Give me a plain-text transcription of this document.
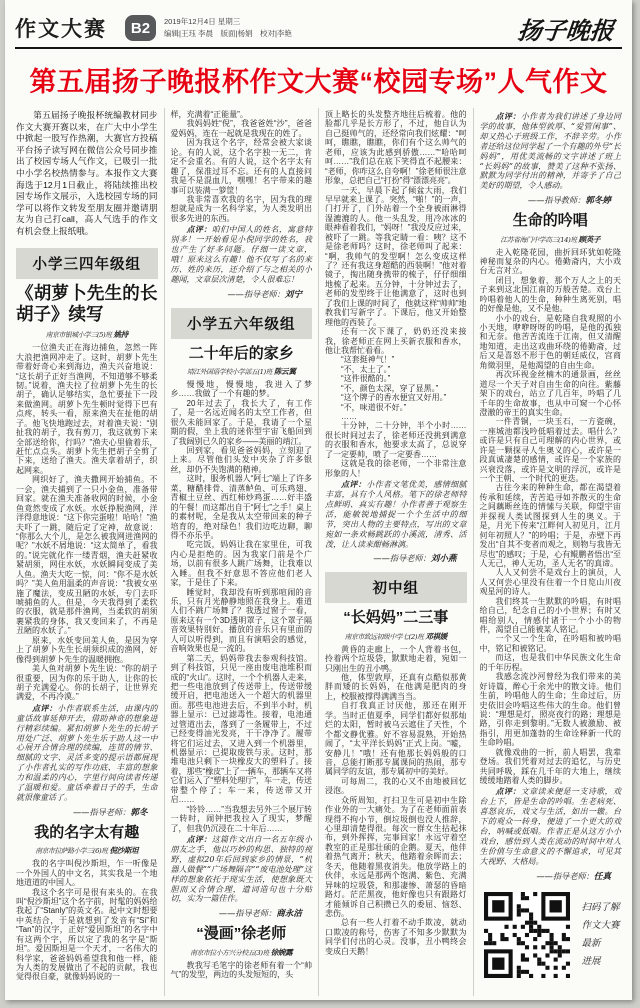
作文大赛	B2	2019年12月4日 星期三
编辑|王珏 李晨　版面|杨娟　校对|李艳	扬子晚报
第五届扬子晚报杯作文大赛“校园专场”人气作文

第五届扬子晚报杯统编教材同步作文大赛开赛以来，在广大中小学生中掀起一股写作热潮，大赛官方投稿平台扬子读写网在微信公众号同步推出了校园专场人气作文，已吸引一批中小学名校热情参与。本报作文大赛海选于12月1日截止，将陆续推出校园专场作文展示，入选校园专场的同学可以将作文转发至朋友圈并邀请朋友为自己打call，高人气选手的作文有机会登上报纸哦。

小学三四年级组
《胡萝卜先生的长胡子》续写
南京市银城小学三(5)班 姚持

一位渔夫正在海边捕鱼，忽然一阵大浪把渔网冲走了。这时，胡萝卜先生带着好奇心来到海边，渔夫兴奋地说：“这长胡子正好当渔网，不知道够不够柔韧。”说着，渔夫拉了拉胡萝卜先生的长胡子，确认足够结实，急忙要扯下一段来做渔网。胡萝卜先生顿时觉得下巴有点疼，转头一看，原来渔夫在扯他的胡子。他飞快地跑过去，对着渔夫说：“别扯我的胡子，我有剪刀，我这就剪下来全部送给你，行吗？”渔夫心里偷着乐，赶忙点点头。胡萝卜先生把胡子全剪了下来，送给了渔夫。渔夫拿着胡子，织起网来。

网织好了，渔夫撒网开始捕鱼。不一会，渔夫捕到了一只小金鱼，准备带回家。就在渔夫准备收网的时候，小金鱼竟然变成了水妖。水妖挣脱渔网，洋洋得意地说：“这下你完蛋啦！哈哈！”渔夫吓了一跳，随后定了定神，故意说：“你那么大个儿，是怎么被我网进渔网的呢？”水妖不屑地说：“这太简单了，看我的。”说完就化作一缕青烟，渔夫赶紧收紧胡须，网住水妖，水妖瞬间变成了美人鱼。渔夫大吃一惊，问：“你不是水妖吗？”美人鱼用温柔的声音说：“我被女巫施了魔法，变成丑陋的水妖，专门去吓唬捕鱼的人。但是，今天我得到了柔软的衣服，就是那件渔网，当柔软的胡须裹紧我的身体，我又变回来了，不再是丑陋的水妖了。”

原来，水妖变回美人鱼，是因为穿上了胡萝卜先生长胡须织成的渔网，好像得到胡萝卜先生的温暖拥抱。

美人鱼对胡萝卜先生说：“你的胡子很重要，因为你的乐于助人，让你的长胡子充满爱心。你的长胡子，让世界充满爱，不再冷漠。”

点评：小作者联系生活，由课内的童话故事延伸开去，借助神奇的想象进行精彩续编。紧扣胡萝卜先生的长胡子用处广泛、胡萝卜先生乐于助人这一中心展开合情合理的续编，连贯的情节、细腻的文字、灵活多变的提示语都展现了小作者扎实的写作功底、丰富的想象力和温柔的内心，字里行间向读者传递了温暖和爱。童话牵着日子的手，生命就很像童话了。

——指导老师：郭冬
我的名字太有趣
南京市拉萨路小学三(6)班 倪沙斯坦

我的名字叫倪沙斯坦，乍一听像是一个外国人的中文名，其实我是一个地地道道的中国人。

我这个名字可是很有来头的。在我叫“倪沙斯坦”这个名字前，时髦的妈妈给我起了“Stanly”的英文名。起中文时想要中英结合，于是就想到了发音有“Si”和“Tan”的汉字，正好“爱因斯坦”的名字中有这两个字，所以定了我的名字是“斯坦”。爱因斯坦是一个天才，一名伟大的科学家，爸爸妈妈希望我和他一样，能为人类的发展做出了不起的贡献，我也觉得很自豪，就像妈妈说的一

样，充满着“正能量”。

我妈妈姓“倪”，我爸爸姓“沙”，爸爸爱妈妈，连在一起就是我现在的姓了。

因为我这个名字，经常会被大家谈论。有的人说，这个名字独一无二，肯定不会重名。有的人说，这个名字太有趣了，保准过耳不忘。还有的人直接问我是不是混血儿，嘿嘿！名字带来的趣事可以装满一箩筐！

我非常喜欢我的名字，因为我的理想就是成为一名科学家，为人类发明出很多先进的东西。

点评：咱们中国人的姓名，寓意特别多！一开始看见小倪同学的姓名，我也产生了好多问题。仔细一读文章，哦！原来这么有趣！他不仅写了名的来历、姓的来历，还介绍了与之相关的小趣闻，文章层次清楚，令人很难忘！

——指导老师：刘宁
小学五六年级组
二十年后的家乡
靖江外国语学校小学部五(1)班 陈云翼

慢慢地，慢慢地，我进入了梦乡……我做了一个有趣的梦。

20年过去了，我长大了，有工作了，是一名远近闻名的太空工作者，但很久未能回家了。于是，我请了一个星期的假，坐上我的迷你型宇宙飞船回到了我阔别已久的家乡——美丽的靖江。

回到家，看见爸爸妈妈，立刻迎了上来。尽管他们头发中夹杂了许多银丝，却仍不失饱满的精神。

这时，服务机器人“阿七”端上了许多菜，糖醋排骨、清蒸鲈鱼、可乐鸡翅、青椒土豆丝、西红柿炒鸡蛋……好丰盛的午餐！而这都出自于“阿七”之手！桌上的素材呢，全是我从太空带回来的种子培育的，绝对绿色！我们边吃边聊，聊得不亦乐乎。

吃完饭，妈妈让我在家里住，可我内心是拒绝的。因为我家门前是个广场，以前有很多人跳广场舞，让我难以入睡。但我不好意思不答应他们老人家，于是住了下来。

睡觉时，我却没有听到那喧闹的音乐，只有月光静静地照在我身上。难道人们不跳广场舞了？我透过窗子一看，原来这有一个3D透明罩子，这个罩子隔音效果特别好。播放的音乐只有里面的人可以听得到，而且有演唱会的感觉，音响效果也是一流的。

第二天，妈妈带我去参观科技馆。到了科技馆，只见一座由废电池堆积而成的“火山”。这时，一个个机器人走来，把一些电池放到了传送带上，传送带缓缓开启，把电池送入一个超大的机器里面。那些电池进去后，不到半小时，机器上显示：已过滤毒性。接着，电池通过管道出去，落到了一条履带上，不过已经变得油光发亮，干干净净了。履带将它们运过去，又进入到一个机器里，机器显示：已提取废铁与汞。这时，那堆电池只剩下一块橡皮大的塑料了。接着，那些“橡皮”上了一辆车，那辆车又将它们运入了“塑料处理厅”，车一走，传送带整个停了；车一来，传送带又开启……

“铃铃……”当我想去另外三个展厅转一转时，闹钟把我拉入了现实，梦醒了，但我仍沉浸在二十年后……

点评：这篇作文出自一名五年级小朋友之手，他以巧妙的构思、独特的视野，虚拟20年后回到家乡的情景，“机器人做餐”“广场舞隔音”“废电池处理”这样的想象依托于现实生活，使想象既大胆而又合情合理，遣词造句也十分贴切，实为一篇佳作。

——指导老师：商永洁
“漫画”徐老师
南京市拉小方兴分校五(3)班 徐婉露

教我写毛笔字的徐老师有着一个“帅气”的发型，两边的头发短短的，头

顶上略长的头发整齐地往后梳着。他的脸都几乎是长方形了，不过，他自认为自己挺帅气的，还经常向我们炫耀：“呵呵，瞧瞧，瞧瞧，你们有个这么帅气的老师，应该为此感到骄傲……”“哈哈呵呵……”我们总在底下笑得直不起腰来：“老师，你咋这么自夸啊！”徐老师很注意形象，总把自己“打扮”得“漂漂亮亮”。

一天，早晨下起了倾盆大雨，我们早早就来上课了。突然，“啪！”的一声，门打开了，门外站着一个全身被雨淋得湿漉漉的人。他一头乱发，用冷冰冰的眼神看着我们，“妈呀！”我没反应过来，被吓了一跳。等我定睛一看：咦？这不是徐老师吗？这时，徐老师叫了起来：“啊，我帅气的发型啊！怎么变成这样了？还有我这身超酷的西装啊！”他对着镜子，掏出随身携带的梳子，仔仔细细地梳了起来。五分钟，十分钟过去了，老师的发型终于让他满意了，这时也到了我们上课的时间了，他就这样“帅帅”地教我们写新字了。下课后，他又开始整理他的西装了。

还有一次下课了，奶奶还没来接我，徐老师正在网上买新衣服和香水，他让我帮忙看看。

“这套挺神气！”

“不，太土了。”

“这件很酷的。”

“不，颜色太深，穿了显黑。”

“这个牌子的香水便宜又好用。”

“不，味道很不好。”

……

十分钟，二十分钟，半个小时……很长时间过去了，徐老师还没挑到满意的衣服和香水，他要求太高了，总说穿了一定要帅，喷了一定要香……

这就是我的徐老师，一个非常注意形象的人！

点评：小作者文笔优美，感情细腻丰富，具有个人风格。笔下的徐老师特点鲜明、真实有趣！小作者善于观察生活，能敏锐地捕捉一个个生活中的细节，突出人物的主要特点，写出的文章宛如一条欢畅跳跃的小溪流，清秀、活泼，让人读来酣畅淋漓。

——指导老师：刘小燕
初中组
“长妈妈”二三事
南京市致远初级中学七(2)班 邓祺媛

黄昏的走廊上，一个人背着书包，拎着两个垃圾袋，默默地走着，宛如一只刚出生的丑小鸭。

他，体型敦厚，还真有点酷似那黄胖而矮的长妈妈，在他满是肥肉的身上，校服被撑得满满当当。

自打我真正讨厌他，那还在刚开学。当时正值夏季，同学们都好似那灿烂的太阳，暂时被乌云遮住了天性，个个都文静优雅。好不容易混熟，开始热闹了，“太平洋长妈妈”正式上岗。“嘘，安静儿！”哦！还有他那长妈妈般的口音，总能打断那专属课间的热闹，那专属同学的友谊，那专属初中的美好。

可每周二，我的心又不由地被回忆浸泡。

众所周知，打扫卫生可是初中生除作业外的一大痛处。为了在老师面前表现得不拘小节，倒垃圾倒也没人推辞，心里却清楚得很。每次一群女生拈起抹布，到外挥挥，完事回家！永远守着空教室的正是那壮硕的企鹅。夏天，他伴着热气离开；秋天，他踏着余晖而去；冬天，他随着黑夜消失。他放学路上的伙伴，永远是那两个饱满、紫色、充满异味的垃圾袋，和那凄惨、萧瑟的昏暗路灯。茫茫黑夜，他好像也只有跟路灯才能倾诉自己积攒已久的委屈、恼怒、悲伤。

总有一些人打着不动手欺凌，就动口欺凌的称号，伤害了不知多少默默为同学们付出的心灵。没事，丑小鸭终会变成白天鹅！

点评：小作者为我们讲述了身边同学的故事，他体型敦厚、“爱管闲事”、却又热心于班级工作，不辞辛劳。小作者还给这位同学起了一个有趣的外号“长妈妈”，用优美流畅的文字讲述了班上“长妈妈”的故事，赞美了这种不张扬、默默为同学付出的精神，并寄予了自己美好的期望，令人感动。

——指导教师：郭冬婷
生命的吟唱
江苏省海门中学高三(14)班 顾英子

走入乾隆花园，曲折回环犹如乾隆神秘而复杂的内心。倦勤斋内，大小戏台无言对立。

闭目，想象着，那个万人之上的天子来到这北国江南的万般苦楚。戏台上吟唱着他人的生命，种种生离死别，唱的好像是他，又不是他。

小小的戏台，是乾隆自我观照的小小天地，咿咿呀呀的吟唱，是他的孤独和无奈。他苦苦流连于江南，但又清醒地知道，走出这戏曲环绕的倦勤斋，过后又是喜怒不形于色的朝廷威仪，宫商角徵羽里，是他渴望的自由生命。

再次环视金丝楠木的通景画，丝丝道尽一个天子对自由生命的向往。紫藤架下的戏台，站立了几百年，吟唱了几千年的生命故事，也从中可窥一个心怀澄澈的帝王的真实生命。

一件青铜，一块玉石，一方瓷碗，一座城池都浅吟低唱着过去。唱什么？或许是只有自己可理解的内心世界，或许是一颗探寻人生奥义的心，或许是一段真诚凄楚的感情，或许是一个家族的兴衰没落，或许是文明的浮沉，或许是一个王朝、一个时代的更迭。

古往今来的种种生命，都在渴望着传承和延续，苦苦追寻如芥散灭的生命之间藕断丝连的情愫与关联，仰望宇宙并探视人类试图探到人生的奥义。于是，月光下传来“江畔何人初见月，江月何年初照人？”的吟唱；于是，赤壁下再发出“自其不变者而观之，则物与我皆无尽也”的感叹；于是，心有鲲鹏者悟出“至人无己，神人无功，圣人无名”的真谛。

人人又何尝不是戏台上的演员，人人又何尝心里没有住着一个日览山川夜观星河的诗人。

我们终其一生默默的吟唱，有时唱给自己，纪念自己的小小世界；有时又唱给别人，情感付诸于一个小小的物件，渴望自己能被某人铭记。

一个又一个生命，在吟唱和被吟唱中，铭记和被铭记。

而这，也是我们中华民族文化生命的千年历程。

我感念流沙河曾经为我们带来的美好诗篇，醉心于余光中的散文诗。他们生前，吟唱他人的生命；生命过后，历史依旧会吟唱这些伟大的生命。他们曾说：“理想是灯，照亮夜行的路；理想是路，引你走到黎明。”无数人被激励、被指引，用更加蓬勃的生命诠释新一代的生命吟唱。

就像戏曲的一折，前人唱罢，我辈登场。我们凭着对过去的追忆，与历史共同呼吸，踩在几千年的大地上，继续缓缓地踏着人类的脚步。

点评：文章读来便是一支诗歌，戏台上下，皆是生命的吟唱。生老病死、喜怒哀乐，戏文与生活，如出一辙。台下的观众一转身，便进了一个更大的戏台，呐喊或低唱。作者正是从这方小小戏台，感悟到人类在流动的时间中对人生价值与生命意义的不懈追求，可见其大视野、大格局。

——指导老师：任真
扫码了解
作文大赛最新
进展
